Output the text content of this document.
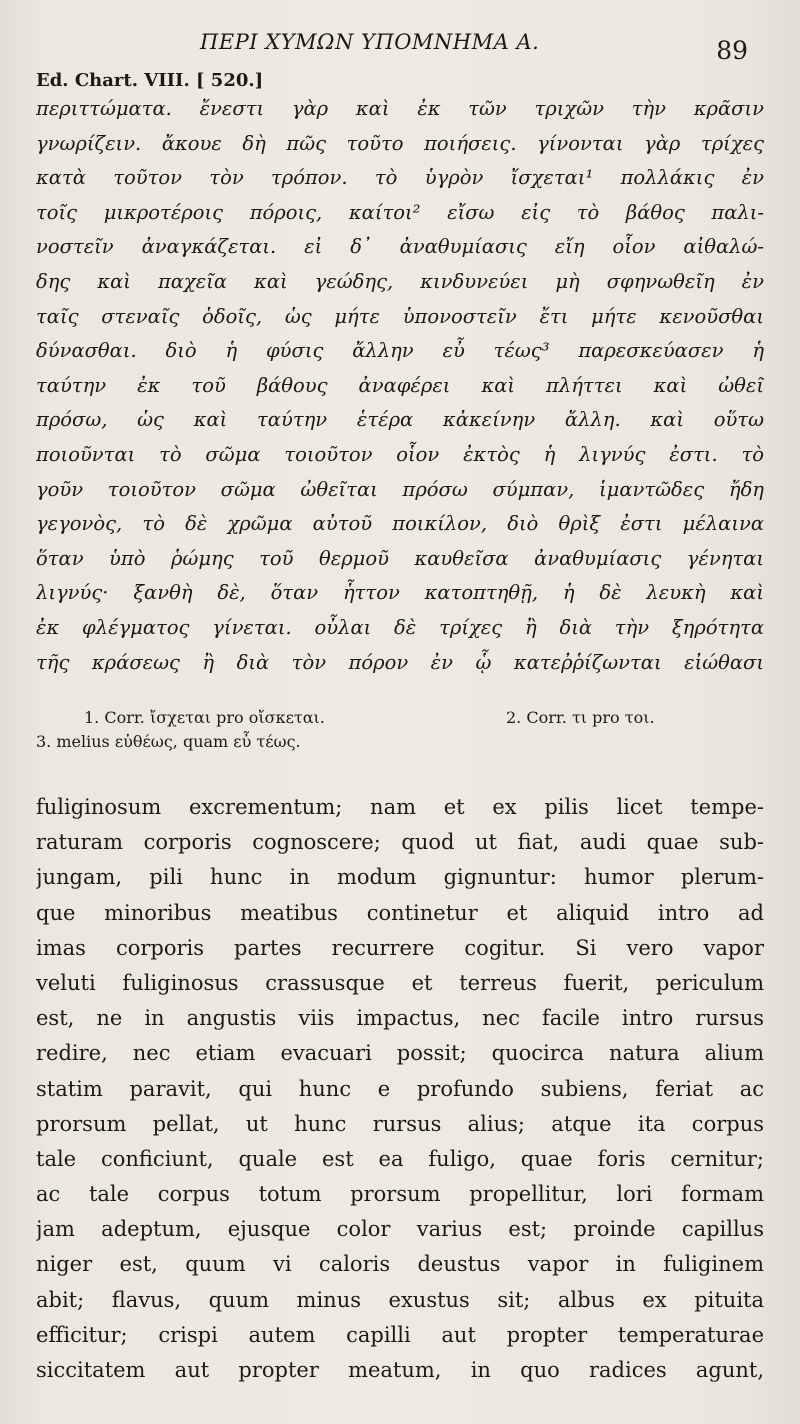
ΠΕΡΙ ΧΥΜΩΝ ΥΠΟΜΝΗΜΑ Α.	89
Ed. Chart. VIII. [ 520.]
περιττώματα. ἔνεστι γὰρ καὶ ἐκ τῶν τριχῶν τὴν κρᾶσιν
γνωρίζειν. ἄκουε δὴ πῶς τοῦτο ποιήσεις. γίνονται γὰρ τρίχες
κατὰ τοῦτον τὸν τρόπον. τὸ ὑγρὸν ἴσχεται¹ πολλάκις ἐν
τοῖς μικροτέροις πόροις, καίτοι² εἴσω εἰς τὸ βάθος παλι-
νοστεῖν ἀναγκάζεται. εἰ δ᾽ ἀναθυμίασις εἴη οἷον αἰθαλώ-
δης καὶ παχεῖα καὶ γεώδης, κινδυνεύει μὴ σφηνωθεῖη ἐν
ταῖς στεναῖς ὁδοῖς, ὡς μήτε ὑπονοστεῖν ἔτι μήτε κενοῦσθαι
δύνασθαι. διὸ ἡ φύσις ἄλλην εὖ τέως³ παρεσκεύασεν ἡ
ταύτην ἐκ τοῦ βάθους ἀναφέρει καὶ πλήττει καὶ ὠθεῖ
πρόσω, ὡς καὶ ταύτην ἑτέρα κἀκείνην ἄλλη. καὶ οὕτω
ποιοῦνται τὸ σῶμα τοιοῦτον οἷον ἐκτὸς ἡ λιγνύς ἐστι. τὸ
γοῦν τοιοῦτον σῶμα ὠθεῖται πρόσω σύμπαν, ἱμαντῶδες ἤδη
γεγονὸς, τὸ δὲ χρῶμα αὐτοῦ ποικίλον, διὸ θρὶξ ἐστι μέλαινα
ὅταν ὑπὸ ῥώμης τοῦ θερμοῦ καυθεῖσα ἀναθυμίασις γένηται
λιγνύς· ξανθὴ δὲ, ὅταν ἧττον κατοπτηθῇ, ἡ δὲ λευκὴ καὶ
ἐκ φλέγματος γίνεται. οὖλαι δὲ τρίχες ἢ διὰ τὴν ξηρότητα
τῆς κράσεως ἢ διὰ τὸν πόρον ἐν ᾧ κατεῤῥίζωνται εἰώθασι
1. Corr. ἴσχεται pro οἴσκεται.	2. Corr. τι pro τοι.
3. melius εὐθέως, quam εὖ τέως.
fuliginosum excrementum; nam et ex pilis licet tempe-
raturam corporis cognoscere; quod ut fiat, audi quae sub-
jungam, pili hunc in modum gignuntur: humor plerum-
que minoribus meatibus continetur et aliquid intro ad
imas corporis partes recurrere cogitur. Si vero vapor
veluti fuliginosus crassusque et terreus fuerit, periculum
est, ne in angustis viis impactus, nec facile intro rursus
redire, nec etiam evacuari possit; quocirca natura alium
statim paravit, qui hunc e profundo subiens, feriat ac
prorsum pellat, ut hunc rursus alius; atque ita corpus
tale conficiunt, quale est ea fuligo, quae foris cernitur;
ac tale corpus totum prorsum propellitur, lori formam
jam adeptum, ejusque color varius est; proinde capillus
niger est, quum vi caloris deustus vapor in fuliginem
abit; flavus, quum minus exustus sit; albus ex pituita
efficitur; crispi autem capilli aut propter temperaturae
siccitatem aut propter meatum, in quo radices agunt,
